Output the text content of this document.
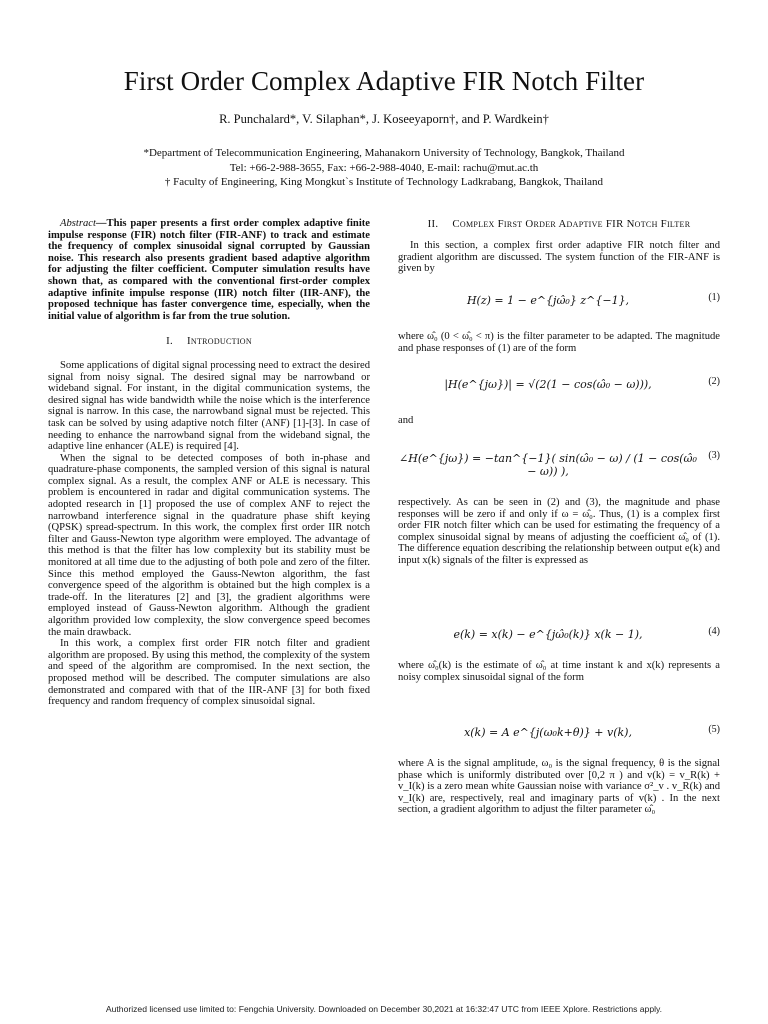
First Order Complex Adaptive FIR Notch Filter
R. Punchalard*, V. Silaphan*, J. Koseeyaporn†, and P. Wardkein†
*Department of Telecommunication Engineering, Mahanakorn University of Technology, Bangkok, Thailand
Tel: +66-2-988-3655, Fax: +66-2-988-4040, E-mail: rachu@mut.ac.th
† Faculty of Engineering, King Mongkut`s Institute of Technology Ladkrabang, Bangkok, Thailand
Abstract—This paper presents a first order complex adaptive finite impulse response (FIR) notch filter (FIR-ANF) to track and estimate the frequency of complex sinusoidal signal corrupted by Gaussian noise. This research also presents gradient based adaptive algorithm for adjusting the filter coefficient. Computer simulation results have shown that, as compared with the conventional first-order complex adaptive infinite impulse response (IIR) notch filter (IIR-ANF), the proposed technique has faster convergence time, especially, when the initial value of algorithm is far from the true solution.
I. Introduction

Some applications of digital signal processing need to extract the desired signal from noisy signal. The desired signal may be narrowband or wideband signal. For instant, in the digital communication systems, the desired signal has wide bandwidth while the noise which is the interference signal is narrow. In this case, the narrowband signal must be rejected. This task can be solved by using adaptive notch filter (ANF) [1]-[3]. In case of needing to enhance the narrowband signal from the wideband signal, the adaptive line enhancer (ALE) is required [4].

When the signal to be detected composes of both in-phase and quadrature-phase components, the sampled version of this signal is natural complex signal. As a result, the complex ANF or ALE is necessary. This problem is encountered in radar and digital communication systems. The adopted research in [1] proposed the use of complex ANF to reject the narrowband interference signal in the quadrature phase shift keying (QPSK) spread-spectrum. In this work, the complex first order IIR notch filter and Gauss-Newton type algorithm were employed. The advantage of this method is that the filter has low complexity but its stability must be monitored at all time due to the adjusting of both pole and zero of the filter. Since this method employed the Gauss-Newton algorithm, the fast convergence speed of the algorithm is obtained but the high complex is a trade-off. In the literatures [2] and [3], the gradient algorithms were employed instead of Gauss-Newton algorithm. Although the gradient algorithm provided low complexity, the slow convergence speed becomes the main drawback.

In this work, a complex first order FIR notch filter and gradient algorithm are proposed. By using this method, the complexity of the system and speed of the algorithm are compromised. In the next section, the proposed method will be described. The computer simulations are also demonstrated and compared with that of the IIR-ANF [3] for both fixed frequency and random frequency of complex sinusoidal signal.

II. Complex First Order Adaptive FIR Notch Filter

In this section, a complex first order adaptive FIR notch filter and gradient algorithm are discussed. The system function of the FIR-ANF is given by

H(z) = 1 − e^{jω̂₀} z^{−1},	(1)

where ω̂₀ (0 < ω̂₀ < π) is the filter parameter to be adapted. The magnitude and phase responses of (1) are of the form

|H(e^{jω})| = √(2(1 − cos(ω̂₀ − ω))),	(2)

and

∠H(e^{jω}) = −tan^{−1}( sin(ω̂₀ − ω) / (1 − cos(ω̂₀ − ω)) ),
(3)

respectively. As can be seen in (2) and (3), the magnitude and phase responses will be zero if and only if ω = ω̂₀. Thus, (1) is a complex first order FIR notch filter which can be used for estimating the frequency of a complex sinusoidal signal by means of adjusting the coefficient ω̂₀ of (1). The difference equation describing the relationship between output e(k) and input x(k) signals of the filter is expressed as

e(k) = x(k) − e^{jω̂₀(k)} x(k − 1),	(4)

where ω̂₀(k) is the estimate of ω̂₀ at time instant k and x(k) represents a noisy complex sinusoidal signal of the form

x(k) = A e^{j(ω₀k+θ)} + v(k),	(5)

where A is the signal amplitude, ω₀ is the signal frequency, θ is the signal phase which is uniformly distributed over [0,2 π ) and v(k) = v_R(k) + v_I(k) is a zero mean white Gaussian noise with variance σ²_v . v_R(k) and v_I(k) are, respectively, real and imaginary parts of v(k) . In the next section, a gradient algorithm to adjust the filter parameter ω̂₀

Authorized licensed use limited to: Fengchia University. Downloaded on December 30,2021 at 16:32:47 UTC from IEEE Xplore. Restrictions apply.
